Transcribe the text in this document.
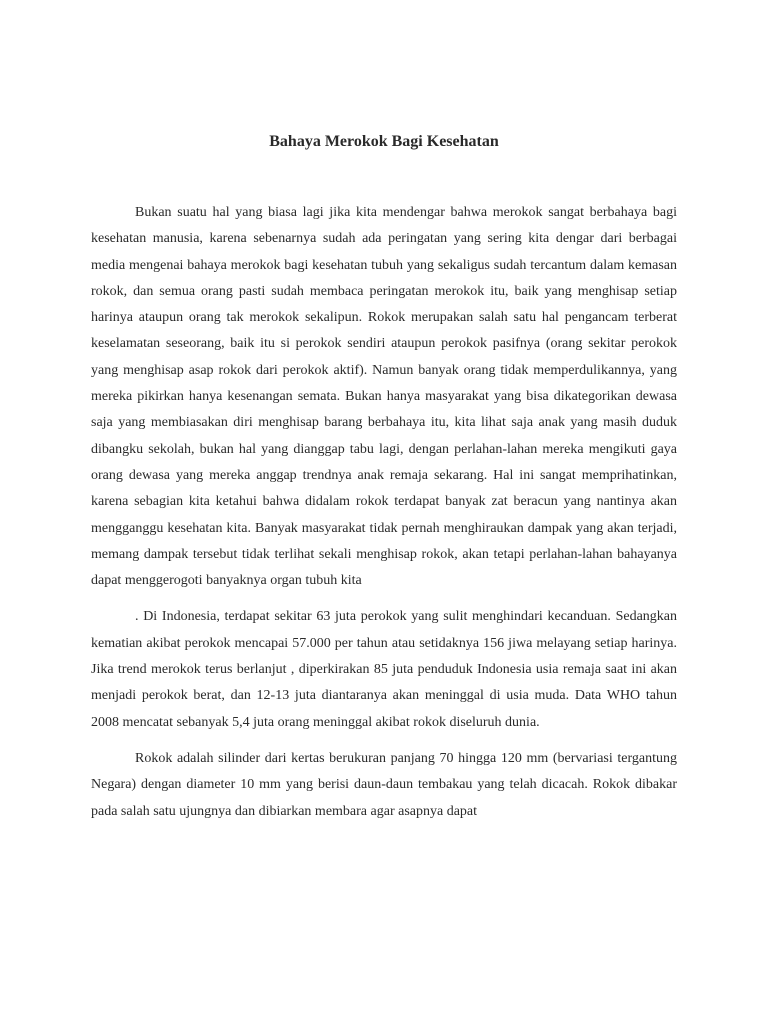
Bahaya Merokok Bagi Kesehatan

Bukan suatu hal yang biasa lagi jika kita mendengar bahwa merokok sangat berbahaya bagi kesehatan manusia, karena sebenarnya sudah ada peringatan yang sering kita dengar dari berbagai media mengenai bahaya merokok bagi kesehatan tubuh yang sekaligus sudah tercantum dalam kemasan rokok, dan semua orang pasti sudah membaca peringatan merokok itu, baik yang menghisap setiap harinya ataupun orang tak merokok sekalipun. Rokok merupakan salah satu hal pengancam terberat keselamatan seseorang, baik itu si perokok sendiri ataupun perokok pasifnya (orang sekitar perokok yang menghisap asap rokok dari perokok aktif). Namun banyak orang tidak memperdulikannya, yang mereka pikirkan hanya kesenangan semata. Bukan hanya masyarakat yang bisa dikategorikan dewasa saja yang membiasakan diri menghisap barang berbahaya itu, kita lihat saja anak yang masih duduk dibangku sekolah, bukan hal yang dianggap tabu lagi, dengan perlahan-lahan mereka mengikuti gaya orang dewasa yang mereka anggap trendnya anak remaja sekarang. Hal ini sangat memprihatinkan, karena sebagian kita ketahui bahwa didalam rokok terdapat banyak zat beracun yang nantinya akan mengganggu kesehatan kita. Banyak masyarakat tidak pernah menghiraukan dampak yang akan terjadi, memang dampak tersebut tidak terlihat sekali menghisap rokok, akan tetapi perlahan-lahan bahayanya dapat menggerogoti banyaknya organ tubuh kita

. Di Indonesia, terdapat sekitar 63 juta perokok yang sulit menghindari kecanduan. Sedangkan kematian akibat perokok mencapai 57.000 per tahun atau setidaknya 156 jiwa melayang setiap harinya. Jika trend merokok terus berlanjut , diperkirakan 85 juta penduduk Indonesia usia remaja saat ini akan menjadi perokok berat, dan 12-13 juta diantaranya akan meninggal di usia muda. Data WHO tahun 2008 mencatat sebanyak 5,4 juta orang meninggal akibat rokok diseluruh dunia.

Rokok adalah silinder dari kertas berukuran panjang 70 hingga 120 mm (bervariasi tergantung Negara) dengan diameter 10 mm yang berisi daun-daun tembakau yang telah dicacah. Rokok dibakar pada salah satu ujungnya dan dibiarkan membara agar asapnya dapat
